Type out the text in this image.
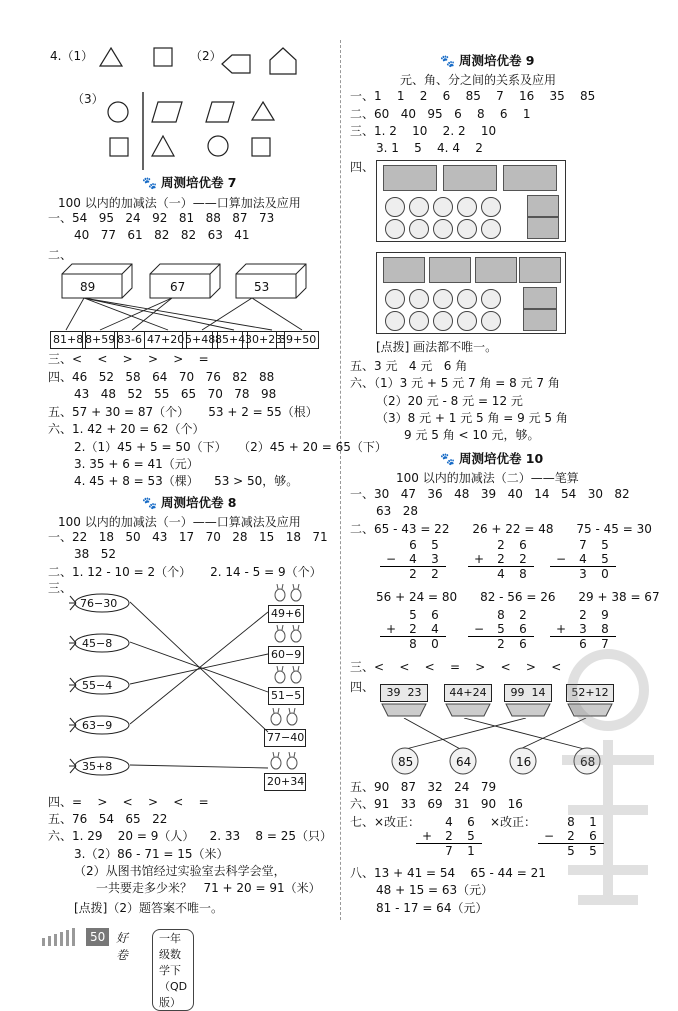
4.（1）	（2）
（3）
🐾 周测培优卷 7
100 以内的加减法（一）——口算加法及应用
一、54   95   24   92   81   88   87   73
40   77   61   82   82   63   41
二、
89	67	53
81+8 8+59 83-6 47+20 5+48 85+4 30+23
39+50
三、<    <    >    >    >    =
四、46   52   58   64   70   76   82   88
43   48   52   55   65   70   78   98
五、57 + 30 = 87（个）     53 + 2 = 55（根）
六、1. 42 + 20 = 62（个）
2.（1）45 + 5 = 50（下）   （2）45 + 20 = 65（下）
3. 35 + 6 = 41（元）
4. 45 + 8 = 53（棵）    53 > 50，够。
🐾 周测培优卷 8
100 以内的加减法（一）——口算减法及应用
一、22   18   50   43   17   70   28   15   18   71
38   52
二、1. 12 - 10 = 2（个）     2. 14 - 5 = 9（个）
三、
76−30
45−8
55−4
63−9
35+8
49+6
60−9
51−5
77−40
20+34
四、=    >    <    >    <    =
五、76   54   65   22
六、1. 29    20 = 9（人）    2. 33    8 = 25（只）
3.（2）86 - 71 = 15（米）
（2）从图书馆经过实验室去科学会堂，
一共要走多少米？   71 + 20 = 91（米）
[点拨]（2）题答案不唯一。
50 好卷
一年级数学下（QD 版）
🐾 周测培优卷 9
元、角、分之间的关系及应用
一、1    1    2    6    85    7    16    35    85
二、60   40   95   6    8    6    1
三、1. 2    10    2. 2    10
3. 1    5    4. 4    2
四、
[点拨] 画法都不唯一。
五、3 元   4 元   6 角
六、（1）3 元 + 5 元 7 角 = 8 元 7 角
（2）20 元 - 8 元 = 12 元
（3）8 元 + 1 元 5 角 = 9 元 5 角
9 元 5 角 < 10 元，够。
🐾 周测培优卷 10
100 以内的加减法（二）——笔算
一、30   47   36   48   39   40   14   54   30   82
63   28
二、65 - 43 = 22      26 + 22 = 48      75 - 45 = 30
	6	5
−	4	3
	2	2
	2	6
+	2	2
	4	8
	7	5
−	4	5
	3	0
56 + 24 = 80      82 - 56 = 26      29 + 38 = 67
	5	6
+	2	4
	8	0
	8	2
−	5	6
	2	6
	2	9
+	3	8
	6	7
三、<    <    <    =    >    <    >    <
四、	39  23	44+24	99  14	52+12
85	64	16	68
五、90   87   32   24   79
六、91   33   69   31   90   16
七、×改正：	×改正：
	4	6
+	2	5
	7	1
	8	1
−	2	6
	5	5
八、13 + 41 = 54    65 - 44 = 21
48 + 15 = 63（元）
81 - 17 = 64（元）
